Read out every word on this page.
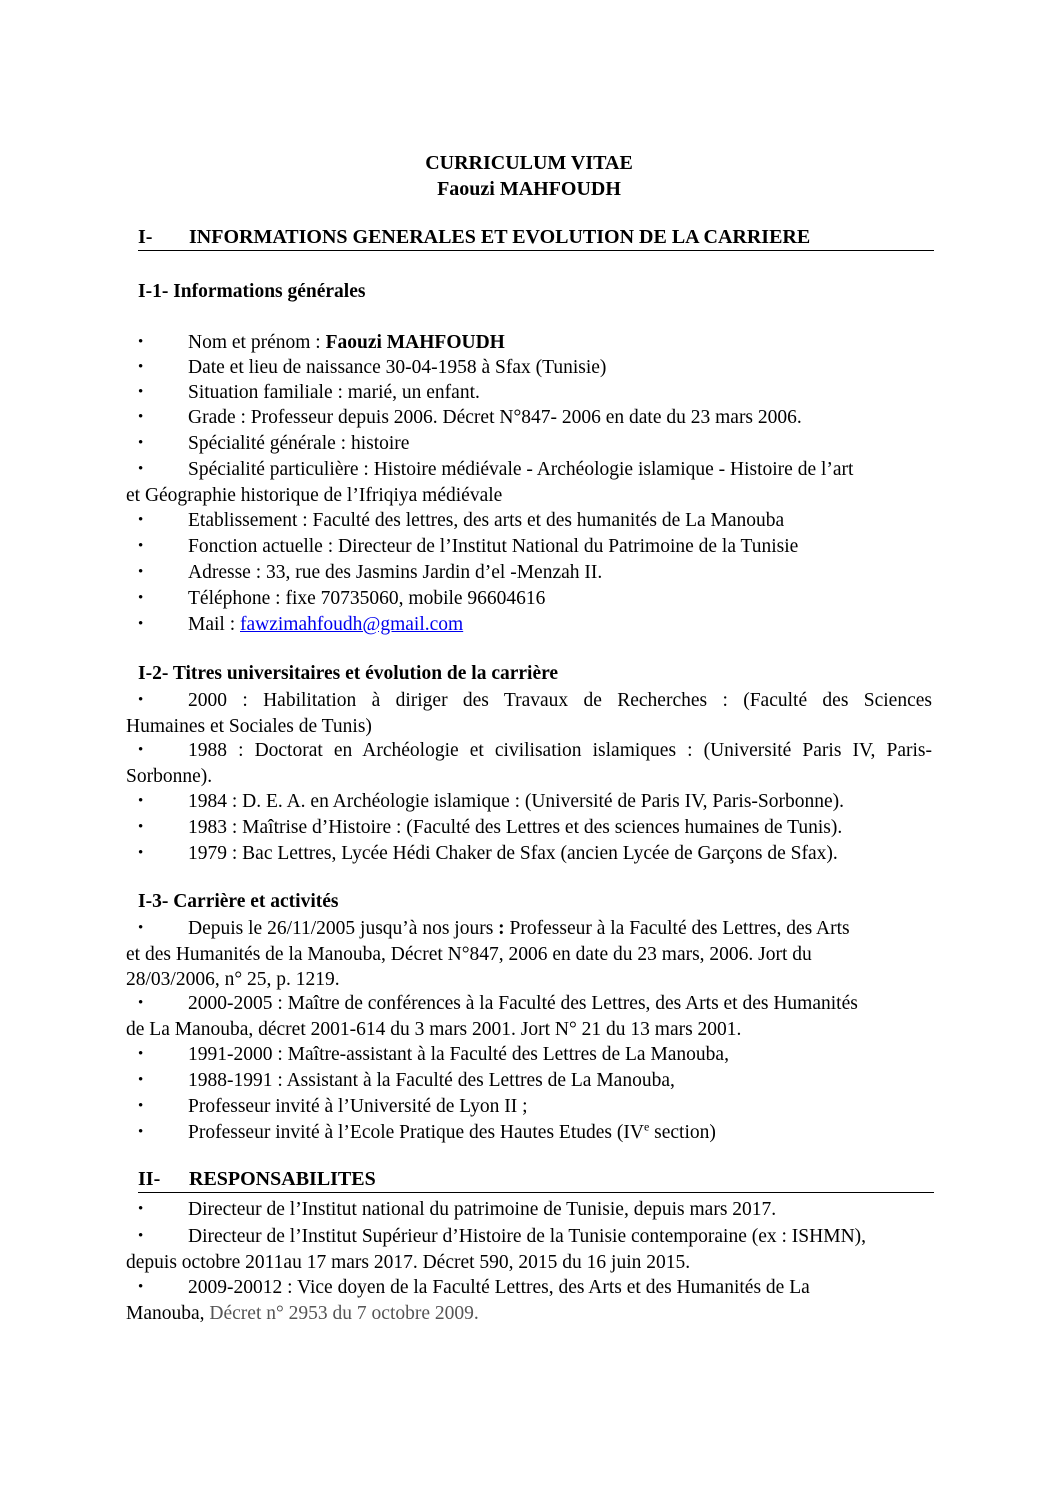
CURRICULUM VITAE
Faouzi MAHFOUDH
I- INFORMATIONS GENERALES ET EVOLUTION DE LA CARRIERE
I-1- Informations générales
•	Nom et prénom : Faouzi MAHFOUDH
•	Date et lieu de naissance 30-04-1958 à Sfax (Tunisie)
•	Situation familiale : marié, un enfant.
•	Grade : Professeur depuis 2006. Décret N°847- 2006 en date du 23 mars 2006.
•	Spécialité générale : histoire
•	Spécialité particulière : Histoire médiévale - Archéologie islamique - Histoire de l’art
et Géographie historique de l’Ifriqiya médiévale
•	Etablissement : Faculté des lettres, des arts et des humanités de La Manouba
•	Fonction actuelle : Directeur de l’Institut National du Patrimoine de la Tunisie
•	Adresse : 33, rue des Jasmins Jardin d’el -Menzah II.
•	Téléphone : fixe 70735060, mobile 96604616
•	Mail : fawzimahfoudh@gmail.com
I-2- Titres universitaires et évolution de la carrière
•	2000 : Habilitation à diriger des Travaux de Recherches : (Faculté des Sciences
Humaines et Sociales de Tunis)
•	1988 : Doctorat en Archéologie et civilisation islamiques : (Université Paris IV, Paris-
Sorbonne).
•	1984 : D. E. A. en Archéologie islamique : (Université de Paris IV, Paris-Sorbonne).
•	1983 : Maîtrise d’Histoire : (Faculté des Lettres et des sciences humaines de Tunis).
•	1979 : Bac Lettres, Lycée Hédi Chaker de Sfax (ancien Lycée de Garçons de Sfax).
I-3- Carrière et activités
•	Depuis le 26/11/2005 jusqu’à nos jours : Professeur à la Faculté des Lettres, des Arts
et des Humanités de la Manouba, Décret N°847, 2006 en date du 23 mars, 2006. Jort du
28/03/2006, n° 25, p. 1219.
•	2000-2005 : Maître de conférences à la Faculté des Lettres, des Arts et des Humanités
de La Manouba, décret 2001-614 du 3 mars 2001. Jort N° 21 du 13 mars 2001.
•	1991-2000 : Maître-assistant à la Faculté des Lettres de La Manouba,
•	1988-1991 : Assistant à la Faculté des Lettres de La Manouba,
•	Professeur invité à l’Université de Lyon II ;
•	Professeur invité à l’Ecole Pratique des Hautes Etudes (IVe section)
II- RESPONSABILITES
•	Directeur de l’Institut national du patrimoine de Tunisie, depuis mars 2017.
•	Directeur de l’Institut Supérieur d’Histoire de la Tunisie contemporaine (ex : ISHMN),
depuis octobre 2011au 17 mars 2017. Décret 590, 2015 du 16 juin 2015.
•	2009-20012 : Vice doyen de la Faculté Lettres, des Arts et des Humanités de La
Manouba, Décret n° 2953 du 7 octobre 2009.
